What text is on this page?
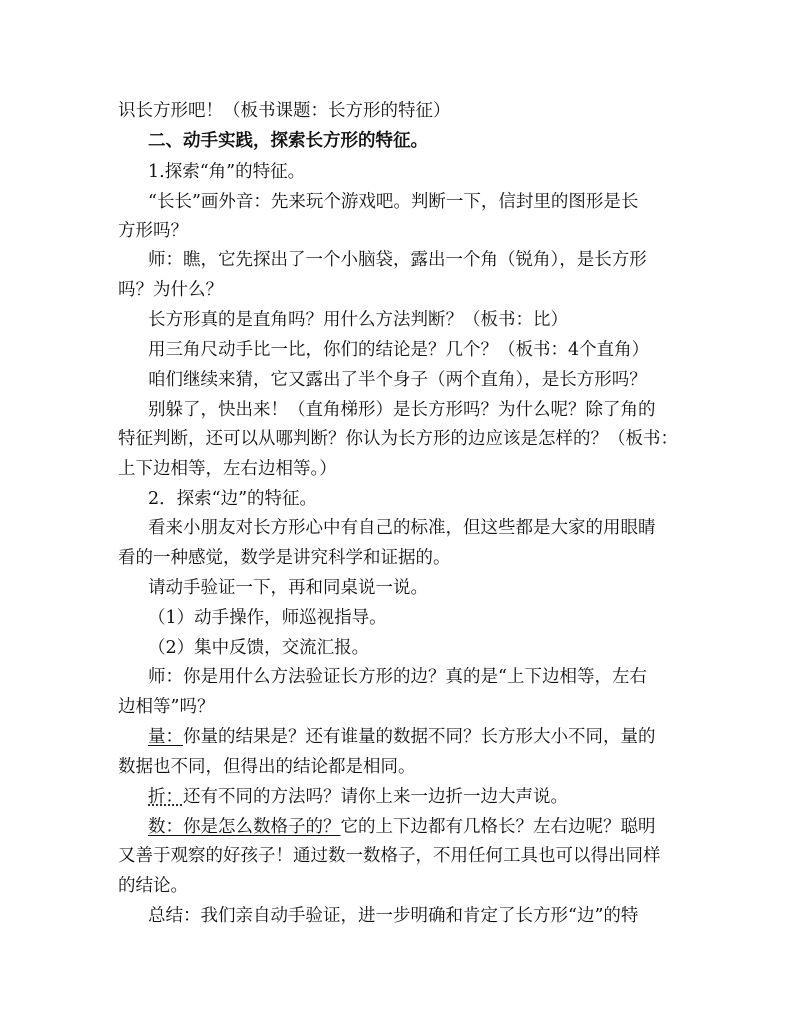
识长方形吧！（板书课题：长方形的特征）
二、动手实践，探索长方形的特征。
1.探索“角”的特征。
“长长”画外音：先来玩个游戏吧。判断一下，信封里的图形是长
方形吗？
师：瞧，它先探出了一个小脑袋，露出一个角（锐角），是长方形
吗？为什么？
长方形真的是直角吗？用什么方法判断？（板书：比）
用三角尺动手比一比，你们的结论是？几个？（板书：4个直角）
咱们继续来猜，它又露出了半个身子（两个直角），是长方形吗？
别躲了，快出来！（直角梯形）是长方形吗？为什么呢？除了角的
特征判断，还可以从哪判断？你认为长方形的边应该是怎样的？（板书：
上下边相等，左右边相等。）
2．探索“边”的特征。
看来小朋友对长方形心中有自己的标准，但这些都是大家的用眼睛
看的一种感觉，数学是讲究科学和证据的。
请动手验证一下，再和同桌说一说。
（1）动手操作，师巡视指导。
（2）集中反馈，交流汇报。
师：你是用什么方法验证长方形的边？真的是“上下边相等，左右
边相等”吗？
量：你量的结果是？还有谁量的数据不同？长方形大小不同，量的
数据也不同，但得出的结论都是相同。
折：还有不同的方法吗？请你上来一边折一边大声说。
数：你是怎么数格子的？它的上下边都有几格长？左右边呢？聪明
又善于观察的好孩子！通过数一数格子，不用任何工具也可以得出同样
的结论。
总结：我们亲自动手验证，进一步明确和肯定了长方形“边”的特
